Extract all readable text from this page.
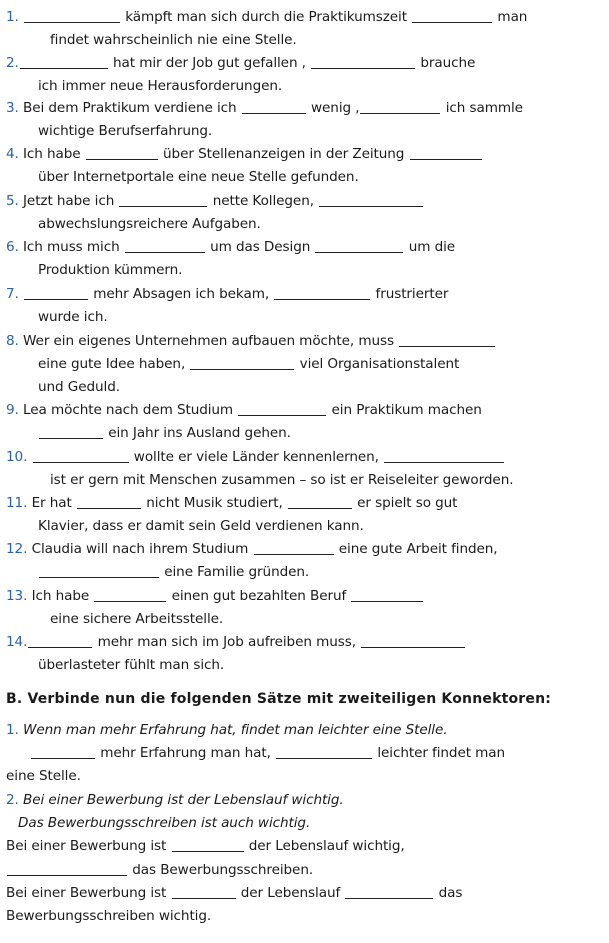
1.	kämpft man sich durch die Praktikumszeit	man
findet wahrscheinlich nie eine Stelle.
2.	hat mir der Job gut gefallen ,	brauche
ich immer neue Herausforderungen.
3. Bei dem Praktikum verdiene ich	wenig ,	ich sammle
wichtige Berufserfahrung.
4. Ich habe	über Stellenanzeigen in der Zeitung
über Internetportale eine neue Stelle gefunden.
5. Jetzt habe ich	nette Kollegen,
abwechslungsreichere Aufgaben.
6. Ich muss mich	um das Design	um die
Produktion kümmern.
7.	mehr Absagen ich bekam,	frustrierter
wurde ich.
8. Wer ein eigenes Unternehmen aufbauen möchte, muss
eine gute Idee haben,	viel Organisationstalent
und Geduld.
9. Lea möchte nach dem Studium	ein Praktikum machen
ein Jahr ins Ausland gehen.
10.	wollte er viele Länder kennenlernen,
ist er gern mit Menschen zusammen – so ist er Reiseleiter geworden.
11. Er hat	nicht Musik studiert,	er spielt so gut
Klavier, dass er damit sein Geld verdienen kann.
12. Claudia will nach ihrem Studium	eine gute Arbeit finden,
eine Familie gründen.
13. Ich habe	einen gut bezahlten Beruf
eine sichere Arbeitsstelle.
14.	mehr man sich im Job aufreiben muss,
überlasteter fühlt man sich.
B. Verbinde nun die folgenden Sätze mit zweiteiligen Konnektoren:
1. Wenn man mehr Erfahrung hat, findet man leichter eine Stelle.
mehr Erfahrung man hat,	leichter findet man
eine Stelle.
2. Bei einer Bewerbung ist der Lebenslauf wichtig.
Das Bewerbungsschreiben ist auch wichtig.
Bei einer Bewerbung ist	der Lebenslauf wichtig,
das Bewerbungsschreiben.
Bei einer Bewerbung ist	der Lebenslauf	das
Bewerbungsschreiben wichtig.
